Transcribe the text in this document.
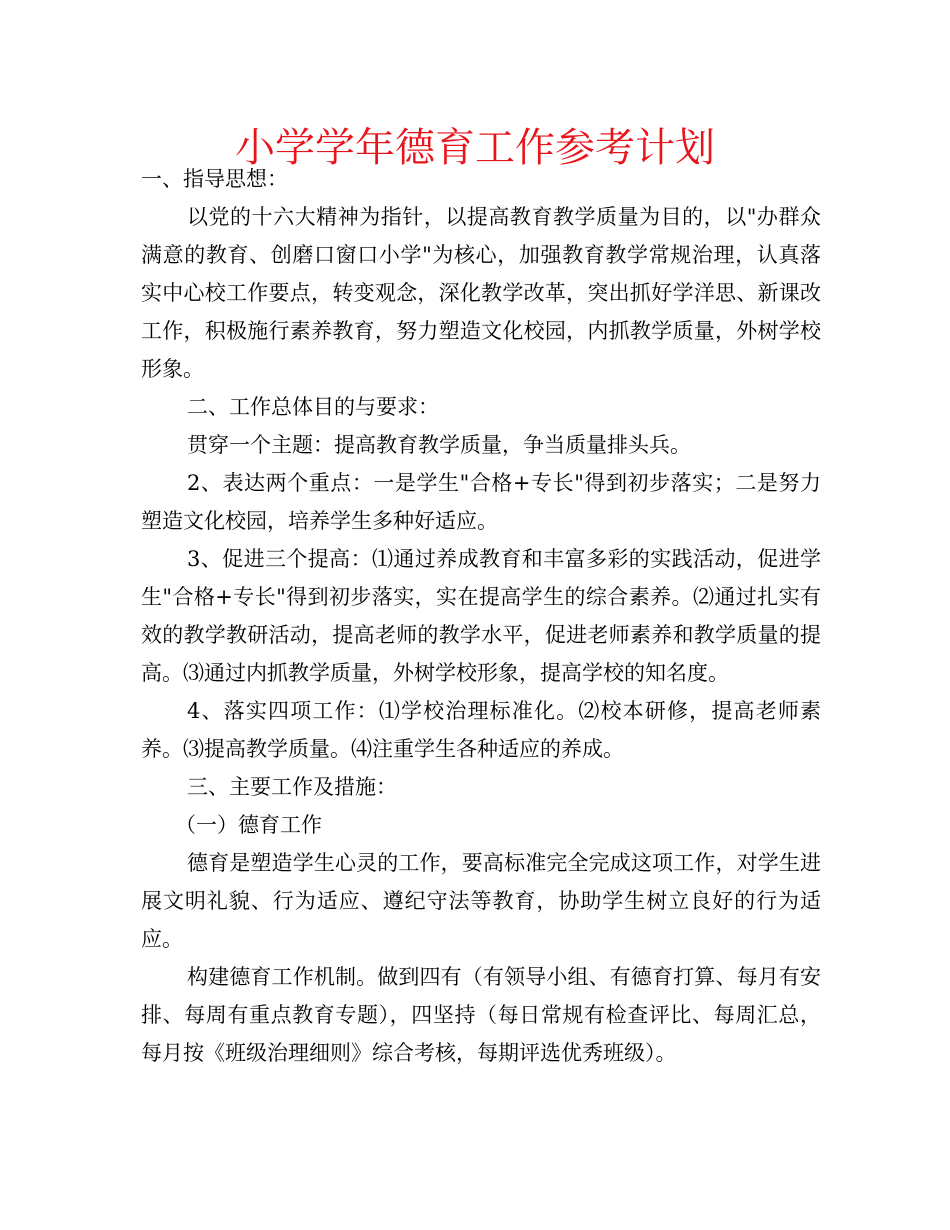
小学学年德育工作参考计划

一、指导思想：

以党的十六大精神为指针，以提高教育教学质量为目的，以"办群众满意的教育、创磨口窗口小学"为核心，加强教育教学常规治理，认真落实中心校工作要点，转变观念，深化教学改革，突出抓好学洋思、新课改工作，积极施行素养教育，努力塑造文化校园，内抓教学质量，外树学校形象。

二、工作总体目的与要求：

贯穿一个主题：提高教育教学质量，争当质量排头兵。

2、表达两个重点：一是学生"合格+专长"得到初步落实；二是努力塑造文化校园，培养学生多种好适应。

3、促进三个提高：⑴通过养成教育和丰富多彩的实践活动，促进学生"合格+专长"得到初步落实，实在提高学生的综合素养。⑵通过扎实有效的教学教研活动，提高老师的教学水平，促进老师素养和教学质量的提高。⑶通过内抓教学质量，外树学校形象，提高学校的知名度。

4、落实四项工作：⑴学校治理标准化。⑵校本研修，提高老师素养。⑶提高教学质量。⑷注重学生各种适应的养成。

三、主要工作及措施：

（一）德育工作

德育是塑造学生心灵的工作，要高标准完全完成这项工作，对学生进展文明礼貌、行为适应、遵纪守法等教育，协助学生树立良好的行为适应。

构建德育工作机制。做到四有（有领导小组、有德育打算、每月有安排、每周有重点教育专题），四坚持（每日常规有检查评比、每周汇总，每月按《班级治理细则》综合考核，每期评选优秀班级）。
